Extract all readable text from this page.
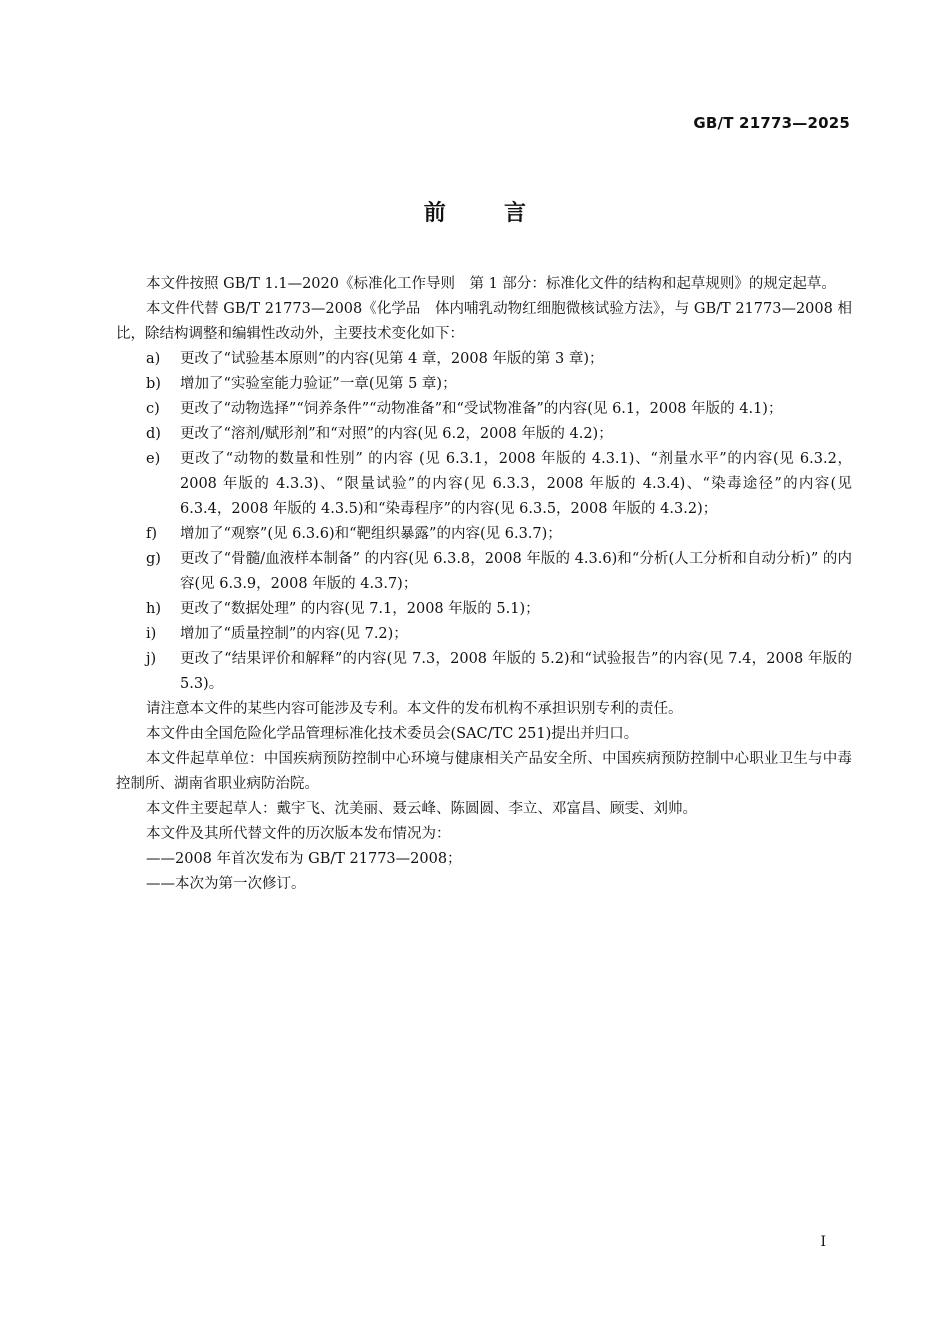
GB/T 21773—2025
前	言

本文件按照 GB/T 1.1—2020《标准化工作导则　第 1 部分：标准化文件的结构和起草规则》的规定起草。

本文件代替 GB/T 21773—2008《化学品　体内哺乳动物红细胞微核试验方法》，与 GB/T 21773—2008 相比，除结构调整和编辑性改动外，主要技术变化如下：

a) 更改了“试验基本原则”的内容(见第 4 章，2008 年版的第 3 章)；
b) 增加了“实验室能力验证”一章(见第 5 章)；
c) 更改了“动物选择”“饲养条件”“动物准备”和“受试物准备”的内容(见 6.1，2008 年版的 4.1)；
d) 更改了“溶剂/赋形剂”和“对照”的内容(见 6.2，2008 年版的 4.2)；
e) 更改了“动物的数量和性别” 的内容 (见 6.3.1，2008 年版的 4.3.1)、“剂量水平”的内容(见 6.3.2，2008 年版的 4.3.3)、“限量试验”的内容(见 6.3.3，2008 年版的 4.3.4)、“染毒途径”的内容(见 6.3.4，2008 年版的 4.3.5)和“染毒程序”的内容(见 6.3.5，2008 年版的 4.3.2)；
f) 增加了“观察”(见 6.3.6)和“靶组织暴露”的内容(见 6.3.7)；
g) 更改了“骨髓/血液样本制备” 的内容(见 6.3.8，2008 年版的 4.3.6)和“分析(人工分析和自动分析)” 的内容(见 6.3.9，2008 年版的 4.3.7)；
h) 更改了“数据处理” 的内容(见 7.1，2008 年版的 5.1)；
i) 增加了“质量控制”的内容(见 7.2)；
j) 更改了“结果评价和解释”的内容(见 7.3，2008 年版的 5.2)和“试验报告”的内容(见 7.4，2008 年版的 5.3)。

请注意本文件的某些内容可能涉及专利。本文件的发布机构不承担识别专利的责任。

本文件由全国危险化学品管理标准化技术委员会(SAC/TC 251)提出并归口。

本文件起草单位：中国疾病预防控制中心环境与健康相关产品安全所、中国疾病预防控制中心职业卫生与中毒控制所、湖南省职业病防治院。

本文件主要起草人：戴宇飞、沈美丽、聂云峰、陈圆圆、李立、邓富昌、顾雯、刘帅。

本文件及其所代替文件的历次版本发布情况为：

——2008 年首次发布为 GB/T 21773—2008；
——本次为第一次修订。
I
